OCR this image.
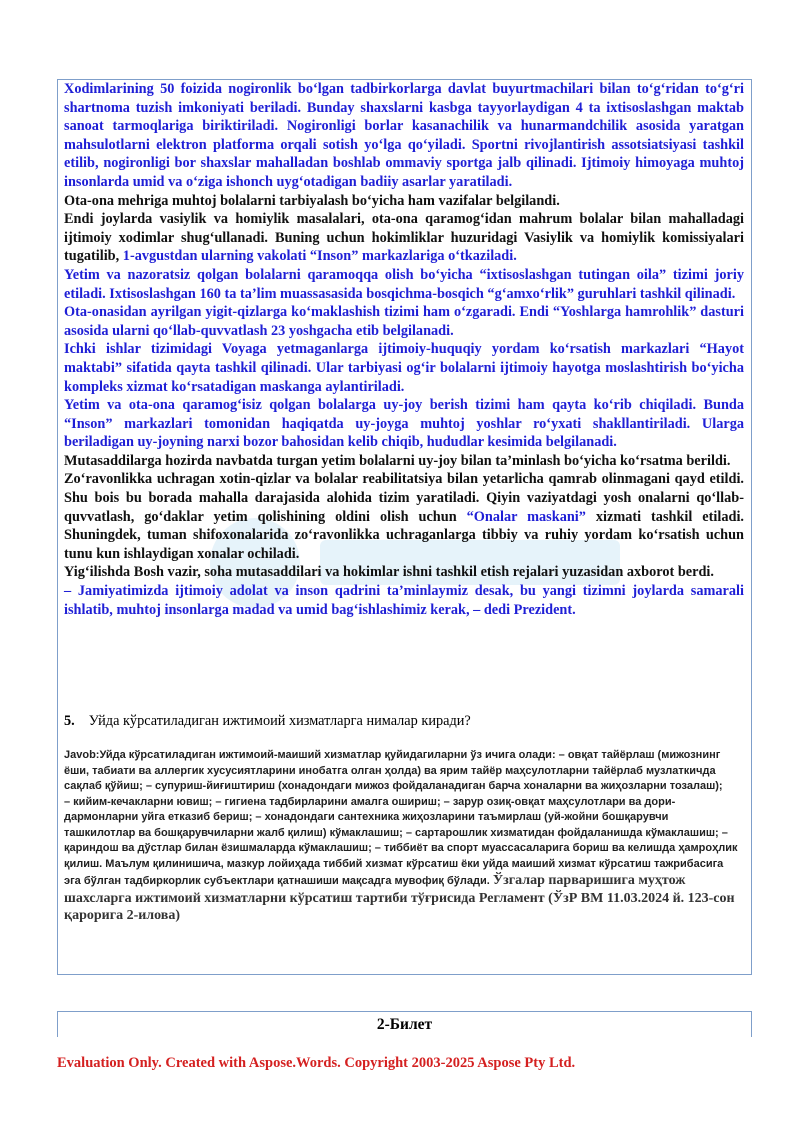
Xodimlarining 50 foizida nogironlik bo‘lgan tadbirkorlarga davlat buyurtmachilari bilan to‘g‘ridan to‘g‘ri shartnoma tuzish imkoniyati beriladi. Bunday shaxslarni kasbga tayyorlaydigan 4 ta ixtisoslashgan maktab sanoat tarmoqlariga biriktiriladi. Nogironligi borlar kasanachilik va hunarmandchilik asosida yaratgan mahsulotlarni elektron platforma orqali sotish yo‘lga qo‘yiladi. Sportni rivojlantirish assotsiatsiyasi tashkil etilib, nogironligi bor shaxslar mahalladan boshlab ommaviy sportga jalb qilinadi. Ijtimoiy himoyaga muhtoj insonlarda umid va o‘ziga ishonch uyg‘otadigan badiiy asarlar yaratiladi.

Ota-ona mehriga muhtoj bolalarni tarbiyalash bo‘yicha ham vazifalar belgilandi.

Endi joylarda vasiylik va homiylik masalalari, ota-ona qaramog‘idan mahrum bolalar bilan mahalladagi ijtimoiy xodimlar shug‘ullanadi. Buning uchun hokimliklar huzuridagi Vasiylik va homiylik komissiyalari tugatilib, 1-avgustdan ularning vakolati “Inson” markazlariga o‘tkaziladi.

Yetim va nazoratsiz qolgan bolalarni qaramoqqa olish bo‘yicha “ixtisoslashgan tutingan oila” tizimi joriy etiladi. Ixtisoslashgan 160 ta ta’lim muassasasida bosqichma-bosqich “g‘amxo‘rlik” guruhlari tashkil qilinadi.

Ota-onasidan ayrilgan yigit-qizlarga ko‘maklashish tizimi ham o‘zgaradi. Endi “Yoshlarga hamrohlik” dasturi asosida ularni qo‘llab-quvvatlash 23 yoshgacha etib belgilanadi.

Ichki ishlar tizimidagi Voyaga yetmaganlarga ijtimoiy-huquqiy yordam ko‘rsatish markazlari “Hayot maktabi” sifatida qayta tashkil qilinadi. Ular tarbiyasi og‘ir bolalarni ijtimoiy hayotga moslashtirish bo‘yicha kompleks xizmat ko‘rsatadigan maskanga aylantiriladi.

Yetim va ota-ona qaramog‘isiz qolgan bolalarga uy-joy berish tizimi ham qayta ko‘rib chiqiladi. Bunda “Inson” markazlari tomonidan haqiqatda uy-joyga muhtoj yoshlar ro‘yxati shakllantiriladi. Ularga beriladigan uy-joyning narxi bozor bahosidan kelib chiqib, hududlar kesimida belgilanadi.

Mutasaddilarga hozirda navbatda turgan yetim bolalarni uy-joy bilan ta’minlash bo‘yicha ko‘rsatma berildi.

Zo‘ravonlikka uchragan xotin-qizlar va bolalar reabilitatsiya bilan yetarlicha qamrab olinmagani qayd etildi. Shu bois bu borada mahalla darajasida alohida tizim yaratiladi. Qiyin vaziyatdagi yosh onalarni qo‘llab-quvvatlash, go‘daklar yetim qolishining oldini olish uchun “Onalar maskani” xizmati tashkil etiladi. Shuningdek, tuman shifoxonalarida zo‘ravonlikka uchraganlarga tibbiy va ruhiy yordam ko‘rsatish uchun tunu kun ishlaydigan xonalar ochiladi.

Yig‘ilishda Bosh vazir, soha mutasaddilari va hokimlar ishni tashkil etish rejalari yuzasidan axborot berdi.

– Jamiyatimizda ijtimoiy adolat va inson qadrini ta’minlaymiz desak, bu yangi tizimni joylarda samarali ishlatib, muhtoj insonlarga madad va umid bag‘ishlashimiz kerak, – dedi Prezident.

5. Уйда кўрсатиладиган ижтимоий хизматларга нималар киради?
Javob:Уйда кўрсатиладиган ижтимоий-маиший хизматлар қуйидагиларни ўз ичига олади: – овқат тайёрлаш (мижознинг ёши, табиати ва аллергик хусусиятларини инобатга олган ҳолда) ва ярим тайёр маҳсулотларни тайёрлаб музлаткичда сақлаб қўйиш; – супуриш-йиғиштириш (хонадондаги мижоз фойдаланадиган барча хоналарни ва жиҳозларни тозалаш);
– кийим-кечакларни ювиш; – гигиена тадбирларини амалга ошириш; – зарур озиқ-овқат маҳсулотлари ва дори-дармонларни уйга етказиб бериш; – хонадондаги сантехника жиҳозларини таъмирлаш (уй-жойни бошқарувчи ташкилотлар ва бошқарувчиларни жалб қилиш) кўмаклашиш; – сартарошлик хизматидан фойдаланишда кўмаклашиш; – қариндош ва дўстлар билан ёзишмаларда кўмаклашиш; – тиббиёт ва спорт муассасаларига бориш ва келишда ҳамроҳлик қилиш. Маълум қилинишича, мазкур лойиҳада тиббий хизмат кўрсатиш ёки уйда маиший хизмат кўрсатиш тажрибасига эга бўлган тадбиркорлик субъектлари қатнашиши мақсадга мувофиқ бўлади. Ўзгалар парваришига муҳтож шахсларга ижтимоий хизматларни кўрсатиш тартиби тўғрисида Регламент (ЎзР ВМ 11.03.2024 й. 123-сон қарорига 2-илова)
2-Билет
Evaluation Only. Created with Aspose.Words. Copyright 2003-2025 Aspose Pty Ltd.
